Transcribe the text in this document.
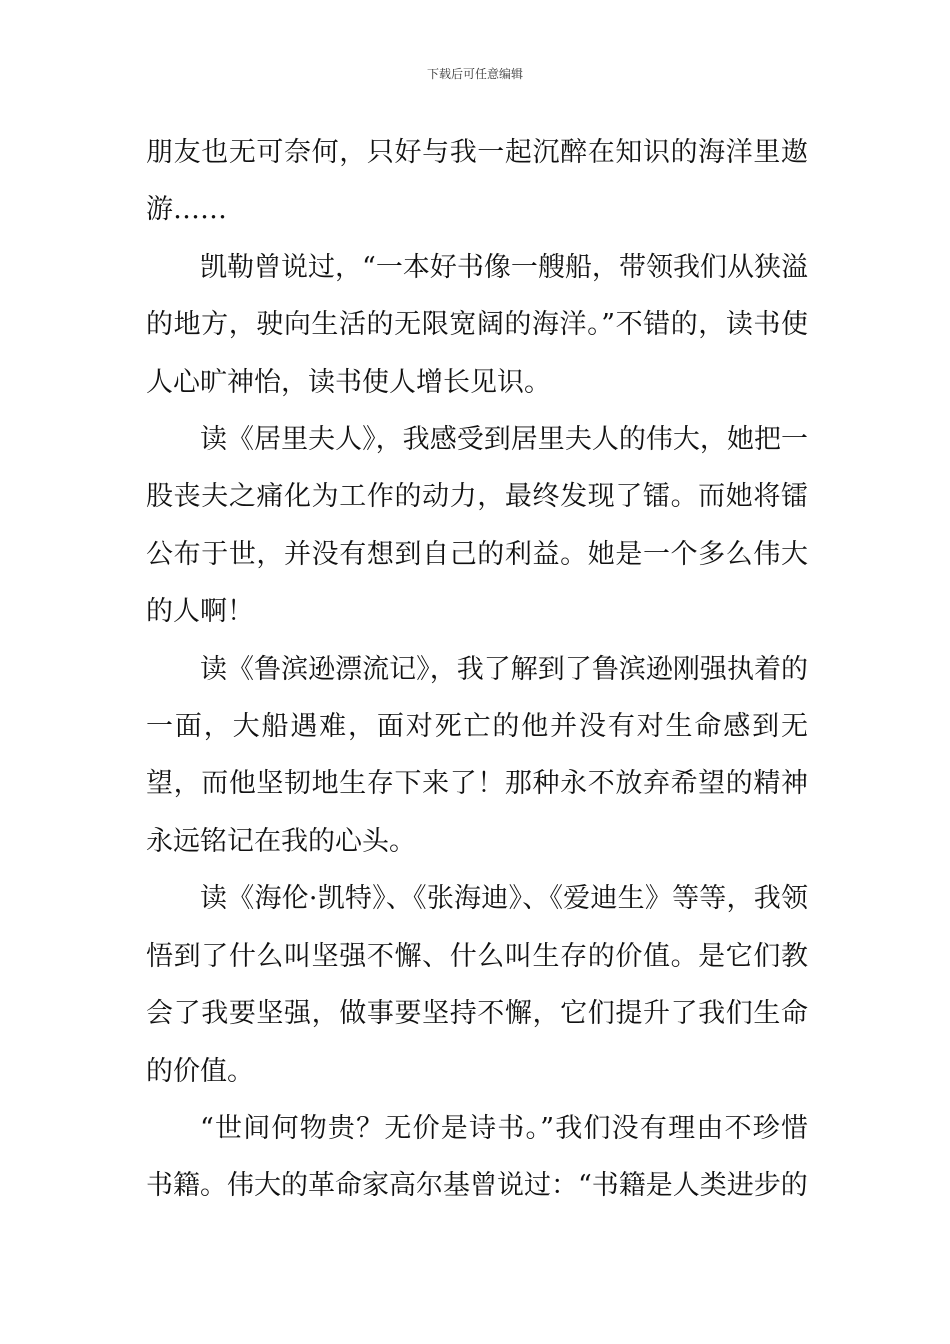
下载后可任意编辑

朋友也无可奈何，只好与我一起沉醉在知识的海洋里遨游……

凯勒曾说过，“一本好书像一艘船，带领我们从狭溢的地方，驶向生活的无限宽阔的海洋。”不错的，读书使人心旷神怡，读书使人增长见识。

读《居里夫人》，我感受到居里夫人的伟大，她把一股丧夫之痛化为工作的动力，最终发现了镭。而她将镭公布于世，并没有想到自己的利益。她是一个多么伟大的人啊！

读《鲁滨逊漂流记》，我了解到了鲁滨逊刚强执着的一面，大船遇难，面对死亡的他并没有对生命感到无望，而他坚韧地生存下来了！那种永不放弃希望的精神永远铭记在我的心头。

读《海伦·凯特》、《张海迪》、《爱迪生》等等，我领悟到了什么叫坚强不懈、什么叫生存的价值。是它们教会了我要坚强，做事要坚持不懈，它们提升了我们生命的价值。

“世间何物贵？无价是诗书。”我们没有理由不珍惜书籍。伟大的革命家高尔基曾说过：“书籍是人类进步的
